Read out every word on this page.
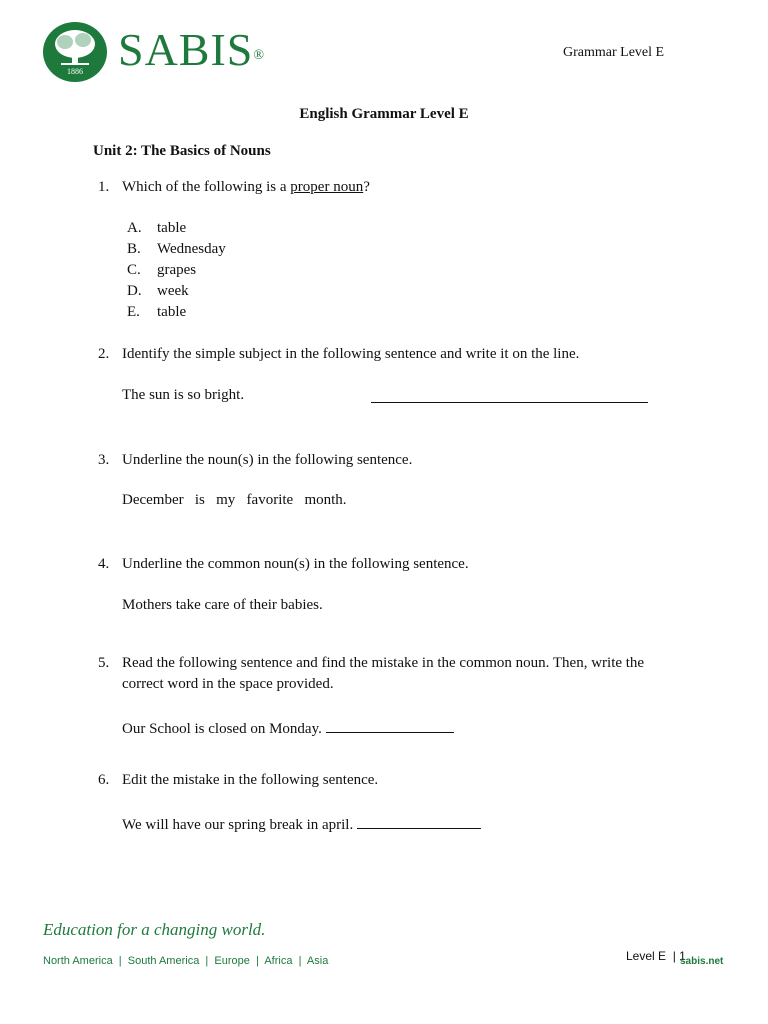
1886 SABIS®	Grammar Level E
English Grammar Level E
Unit 2: The Basics of Nouns
1. Which of the following is a proper noun?
A. table
B. Wednesday
C. grapes
D. week
E. table
2. Identify the simple subject in the following sentence and write it on the line.
The sun is so bright.
3. Underline the noun(s) in the following sentence.
December   is   my   favorite   month.
4. Underline the common noun(s) in the following sentence.
Mothers take care of their babies.
5. Read the following sentence and find the mistake in the common noun. Then, write the correct word in the space provided.
Our School is closed on Monday.
6. Edit the mistake in the following sentence.
We will have our spring break in april.
Education for a changing world.
North America  |  South America  |  Europe  |  Africa  |  Asia	Level E  | 1
sabis.net
